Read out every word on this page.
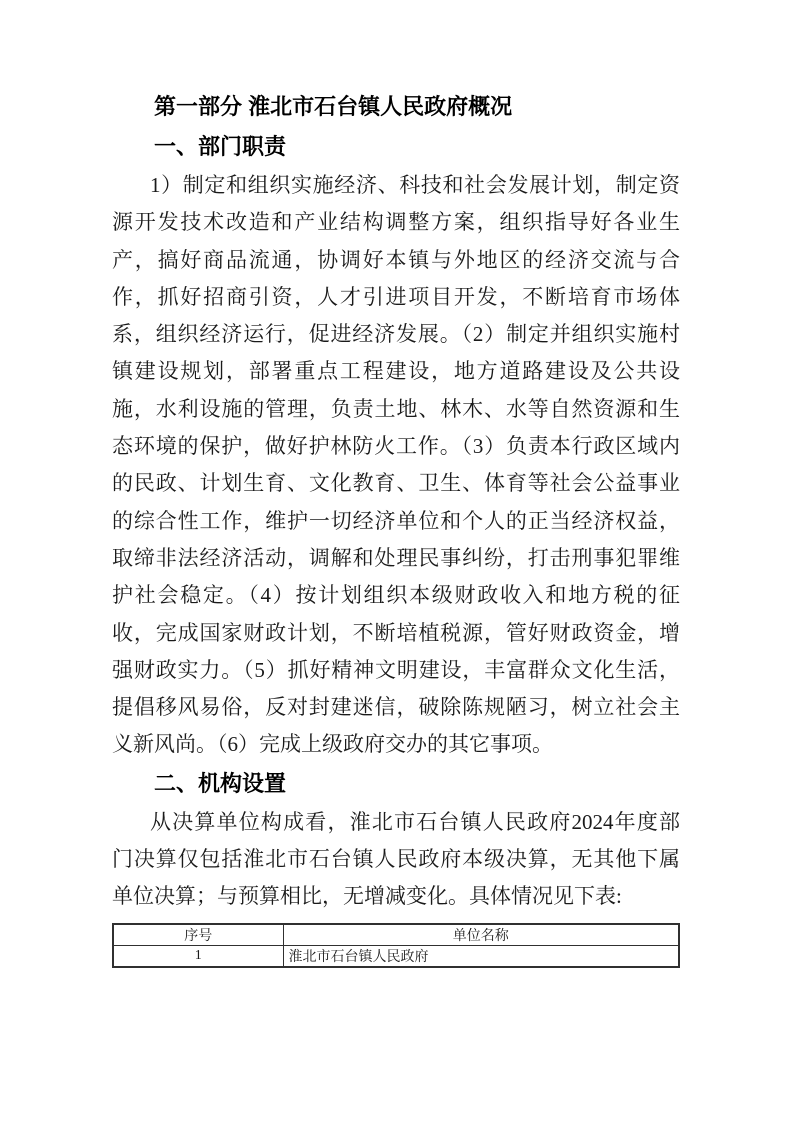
第一部分 淮北市石台镇人民政府概况
一、部门职责
1）制定和组织实施经济、科技和社会发展计划，制定资
源开发技术改造和产业结构调整方案，组织指导好各业生
产，搞好商品流通，协调好本镇与外地区的经济交流与合
作，抓好招商引资，人才引进项目开发，不断培育市场体
系，组织经济运行，促进经济发展。（2）制定并组织实施村
镇建设规划，部署重点工程建设，地方道路建设及公共设
施，水利设施的管理，负责土地、林木、水等自然资源和生
态环境的保护，做好护林防火工作。（3）负责本行政区域内
的民政、计划生育、文化教育、卫生、体育等社会公益事业
的综合性工作，维护一切经济单位和个人的正当经济权益，
取缔非法经济活动，调解和处理民事纠纷，打击刑事犯罪维
护社会稳定。（4）按计划组织本级财政收入和地方税的征
收，完成国家财政计划，不断培植税源，管好财政资金，增
强财政实力。（5）抓好精神文明建设，丰富群众文化生活，
提倡移风易俗，反对封建迷信，破除陈规陋习，树立社会主
义新风尚。（6）完成上级政府交办的其它事项。
二、机构设置
从决算单位构成看，淮北市石台镇人民政府2024年度部
门决算仅包括淮北市石台镇人民政府本级决算，无其他下属
单位决算；与预算相比，无增减变化。具体情况见下表:
序号	单位名称
1	淮北市石台镇人民政府
